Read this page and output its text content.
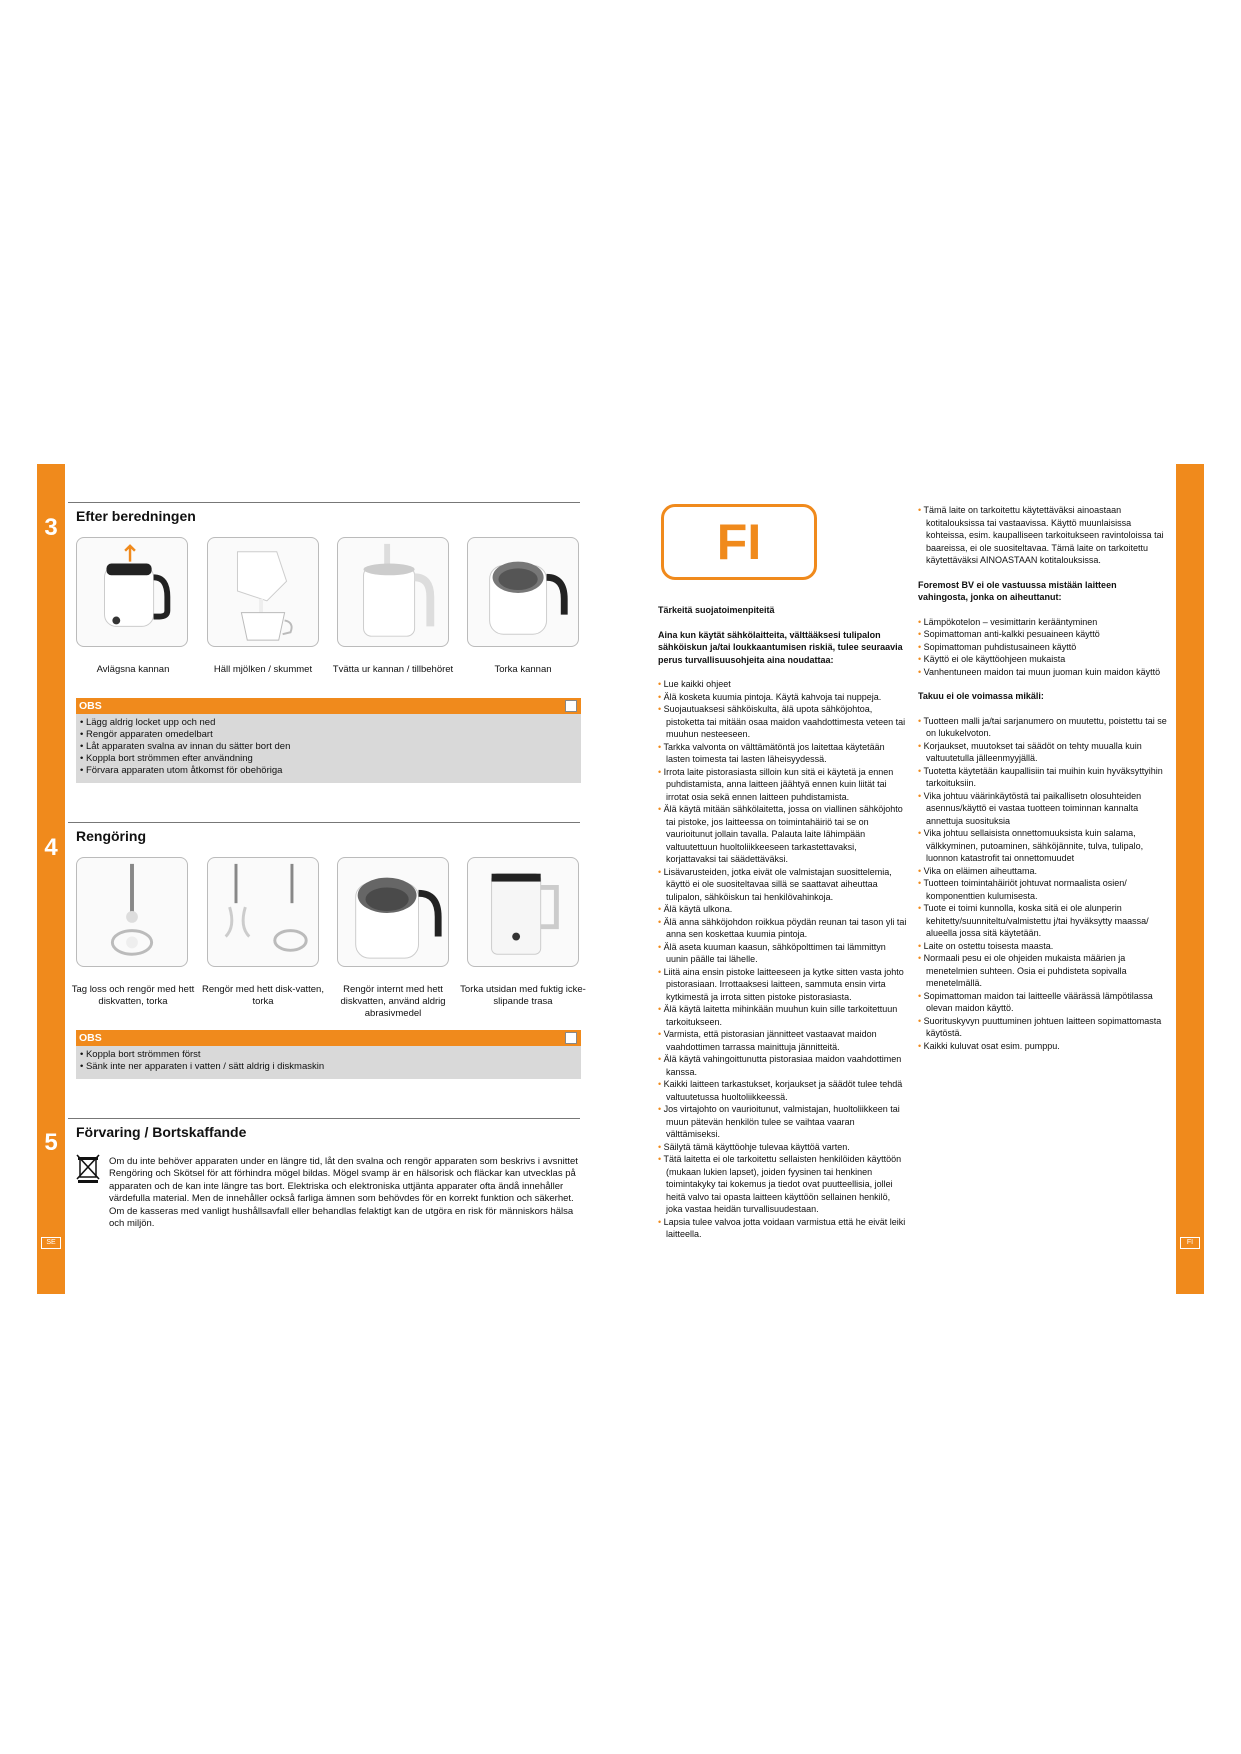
3
4
5
SE	FI
Efter beredningen
Avlägsna kannan	Häll mjölken / skummet	Tvätta ur kannan / tillbehöret	Torka kannan
OBS
• Lägg aldrig locket upp och ned
• Rengör apparaten omedelbart
• Låt apparaten svalna av innan du sätter bort den
• Koppla bort strömmen efter användning
• Förvara apparaten utom åtkomst för obehöriga
Rengöring
Tag loss och rengör med hett diskvatten, torka
Rengör med hett disk-vatten, torka
Rengör internt med hett diskvatten, använd aldrig abrasivmedel
Torka utsidan med fuktig icke-slipande trasa
OBS
• Koppla bort strömmen först
• Sänk inte ner apparaten i vatten / sätt aldrig i diskmaskin
Förvaring / Bortskaffande
Om du inte behöver apparaten under en längre tid, låt den svalna och rengör apparaten som beskrivs i avsnittet Rengöring och Skötsel för att förhindra mögel bildas. Mögel svamp är en hälsorisk och fläckar kan utvecklas på apparaten och de kan inte längre tas bort. Elektriska och elektroniska uttjänta apparater ofta ändå innehåller värdefulla material. Men de innehåller också farliga ämnen som behövdes för en korrekt funktion och säkerhet. Om de kasseras med vanligt hushållsavfall eller behandlas felaktigt kan de utgöra en risk för människors hälsa och miljön.
FI

Tärkeitä suojatoimenpiteitä

Aina kun käytät sähkölaitteita, välttääksesi tulipalon sähköiskun ja/tai loukkaantumisen riskiä, tulee seuraavia perus turvallisuusohjeita aina noudattaa:

• Lue kaikki ohjeet

• Älä kosketa kuumia pintoja. Käytä kahvoja tai nuppeja.

• Suojautuaksesi sähköiskulta, älä upota sähköjohtoa, pistoketta tai mitään osaa maidon vaahdottimesta veteen tai muuhun nesteeseen.

• Tarkka valvonta on välttämätöntä jos laitettaa käytetään lasten toimesta tai lasten läheisyydessä.

• Irrota laite pistorasiasta silloin kun sitä ei käytetä ja ennen puhdistamista, anna laitteen jäähtyä ennen kuin liität tai irrotat osia sekä ennen laitteen puhdistamista.

• Älä käytä mitään sähkölaitetta, jossa on viallinen sähköjohto tai pistoke, jos laitteessa on toimintahäiriö tai se on vaurioitunut jollain tavalla. Palauta laite lähimpään valtuutettuun huoltoliikkeeseen tarkastettavaksi, korjattavaksi tai säädettäväksi.

• Lisävarusteiden, jotka eivät ole valmistajan suosittelemia, käyttö ei ole suositeltavaa sillä se saattavat aiheuttaa tulipalon, sähköiskun tai henkilövahinkoja.

• Älä käytä ulkona.

• Älä anna sähköjohdon roikkua pöydän reunan tai tason yli tai anna sen koskettaa kuumia pintoja.

• Älä aseta kuuman kaasun, sähköpolttimen tai lämmittyn uunin päälle tai lähelle.

• Liitä aina ensin pistoke laitteeseen ja kytke sitten vasta johto pistorasiaan. Irrottaaksesi laitteen, sammuta ensin virta kytkimestä ja irrota sitten pistoke pistorasiasta.

• Älä käytä laitetta mihinkään muuhun kuin sille tarkoitettuun tarkoitukseen.

• Varmista, että pistorasian jännitteet vastaavat maidon vaahdottimen tarrassa mainittuja jännitteitä.

• Älä käytä vahingoittunutta pistorasiaa maidon vaahdottimen kanssa.

• Kaikki laitteen tarkastukset, korjaukset ja säädöt tulee tehdä valtuutetussa huoltoliikkeessä.

• Jos virtajohto on vaurioitunut, valmistajan, huoltoliikkeen tai muun pätevän henkilön tulee se vaihtaa vaaran välttämiseksi.

• Säilytä tämä käyttöohje tulevaa käyttöä varten.

• Tätä laitetta ei ole tarkoitettu sellaisten henkilöiden käyttöön (mukaan lukien lapset), joiden fyysinen tai henkinen toimintakyky tai kokemus ja tiedot ovat puutteellisia, jollei heitä valvo tai opasta laitteen käyttöön sellainen henkilö, joka vastaa heidän turvallisuudestaan.

• Lapsia tulee valvoa jotta voidaan varmistua että he eivät leiki laitteella.

• Tämä laite on tarkoitettu käytettäväksi ainoastaan kotitalouksissa tai vastaavissa. Käyttö muunlaisissa kohteissa, esim. kaupalliseen tarkoitukseen ravintoloissa tai baareissa, ei ole suositeltavaa. Tämä laite on tarkoitettu käytettäväksi AINOASTAAN kotitalouksissa.

Foremost BV ei ole vastuussa mistään laitteen vahingosta, jonka on aiheuttanut:

• Lämpökotelon – vesimittarin kerääntyminen

• Sopimattoman anti-kalkki pesuaineen käyttö

• Sopimattoman puhdistusaineen käyttö

• Käyttö ei ole käyttöohjeen mukaista

• Vanhentuneen maidon tai muun juoman kuin maidon käyttö

Takuu ei ole voimassa mikäli:

• Tuotteen malli ja/tai sarjanumero on muutettu, poistettu tai se on lukukelvoton.

• Korjaukset, muutokset tai säädöt on tehty muualla kuin valtuutetulla jälleenmyyjällä.

• Tuotetta käytetään kaupallisiin tai muihin kuin hyväksyttyihin tarkoituksiin.

• Vika johtuu väärinkäytöstä tai paikallisetn olosuhteiden asennus/käyttö ei vastaa tuotteen toiminnan kannalta annettuja suosituksia

• Vika johtuu sellaisista onnettomuuksista kuin salama, välkkyminen, putoaminen, sähköjännite, tulva, tulipalo, luonnon katastrofit tai onnettomuudet

• Vika on eläimen aiheuttama.

• Tuotteen toimintahäiriöt johtuvat normaalista osien/ komponenttien kulumisesta.

• Tuote ei toimi kunnolla, koska sitä ei ole alunperin kehitetty/suunniteltu/valmistettu j/tai hyväksytty maassa/ alueella jossa sitä käytetään.

• Laite on ostettu toisesta maasta.

• Normaali pesu ei ole ohjeiden mukaista määrien ja menetelmien suhteen. Osia ei puhdisteta sopivalla menetelmällä.

• Sopimattoman maidon tai laitteelle väärässä lämpötilassa olevan maidon käyttö.

• Suorituskyvyn puuttuminen johtuen laitteen sopimattomasta käytöstä.

• Kaikki kuluvat osat esim. pumppu.
